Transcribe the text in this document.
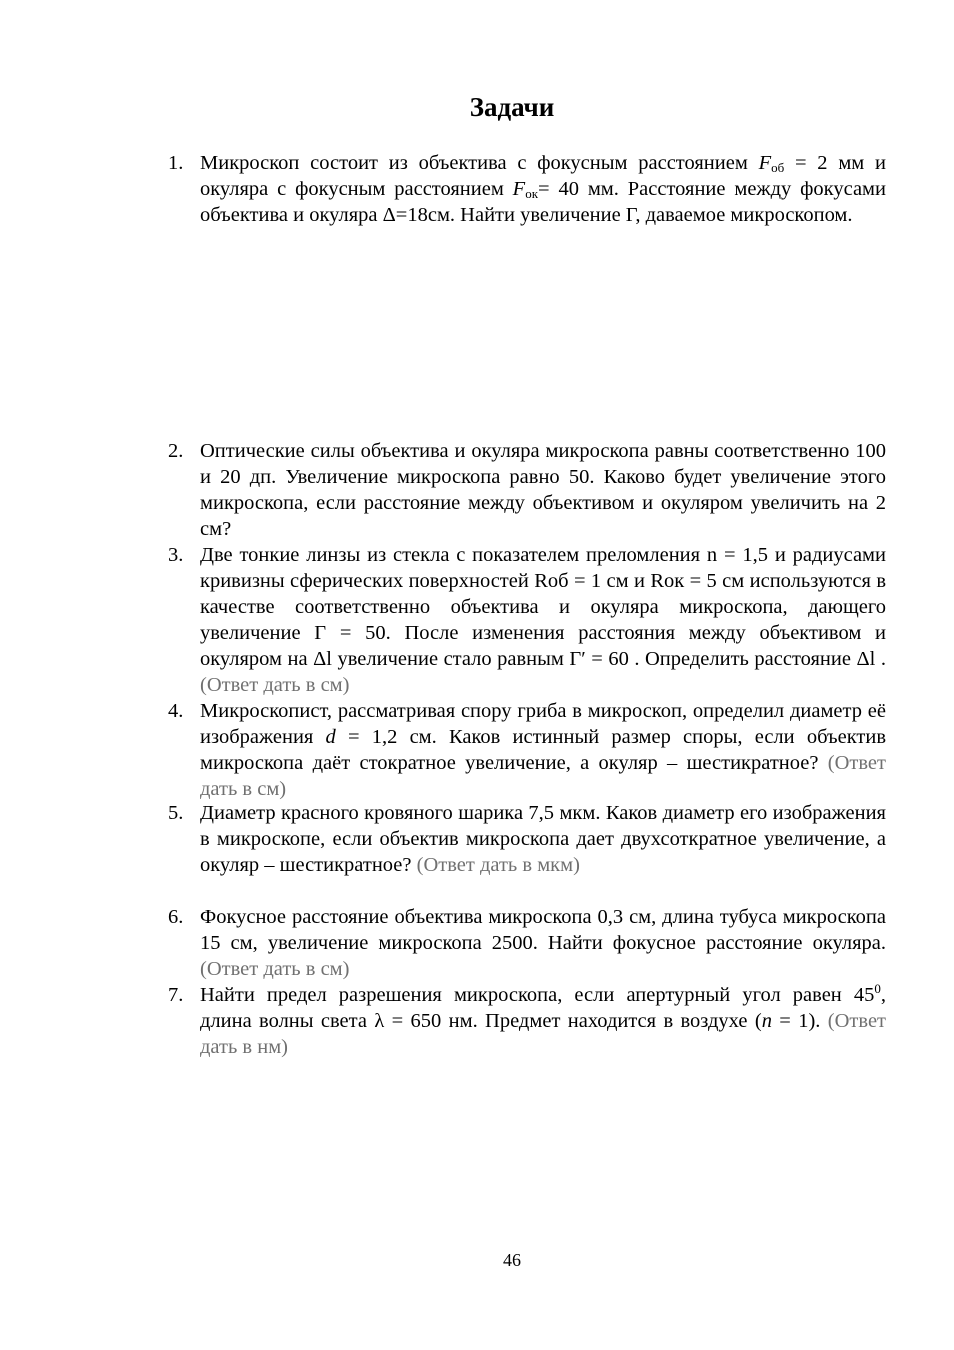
Задачи
1. Микроскоп состоит из объектива с фокусным расстоянием $F_{об} = 2$ мм и окуляра с фокусным расстоянием $F_{ок}= 40$ мм. Расстояние между фокусами объектива и окуляра Δ=18см. Найти увеличение Г, даваемое микроскопом.
2. Оптические силы объектива и окуляра микроскопа равны соответственно 100 и 20 дп. Увеличение микроскопа равно 50. Каково будет увеличение этого микроскопа, если расстояние между объективом и окуляром увеличить на 2 см?
3. Две тонкие линзы из стекла с показателем преломления n = 1,5 и радиусами кривизны сферических поверхностей Rоб = 1 см и Rок = 5 см используются в качестве соответственно объектива и окуляра микроскопа, дающего увеличение Г = 50. После изменения расстояния между объективом и окуляром на Δl увеличение стало равным Г′ = 60 . Определить расстояние Δl . (Ответ дать в см)
4. Микроскопист, рассматривая спору гриба в микроскоп, определил диаметр её изображения d = 1,2 см. Каков истинный размер споры, если объектив микроскопа даёт стократное увеличение, а окуляр – шестикратное? (Ответ дать в см)
5. Диаметр красного кровяного шарика 7,5 мкм. Каков диаметр его изображения в микроскопе, если объектив микроскопа дает двухсоткратное увеличение, а окуляр – шестикратное? (Ответ дать в мкм)
6. Фокусное расстояние объектива микроскопа 0,3 см, длина тубуса микроскопа 15 см, увеличение микроскопа 2500. Найти фокусное расстояние окуляра. (Ответ дать в см)
7. Найти предел разрешения микроскопа, если апертурный угол равен $45^0$, длина волны света λ = 650 нм. Предмет находится в воздухе (n = 1). (Ответ дать в нм)
46
